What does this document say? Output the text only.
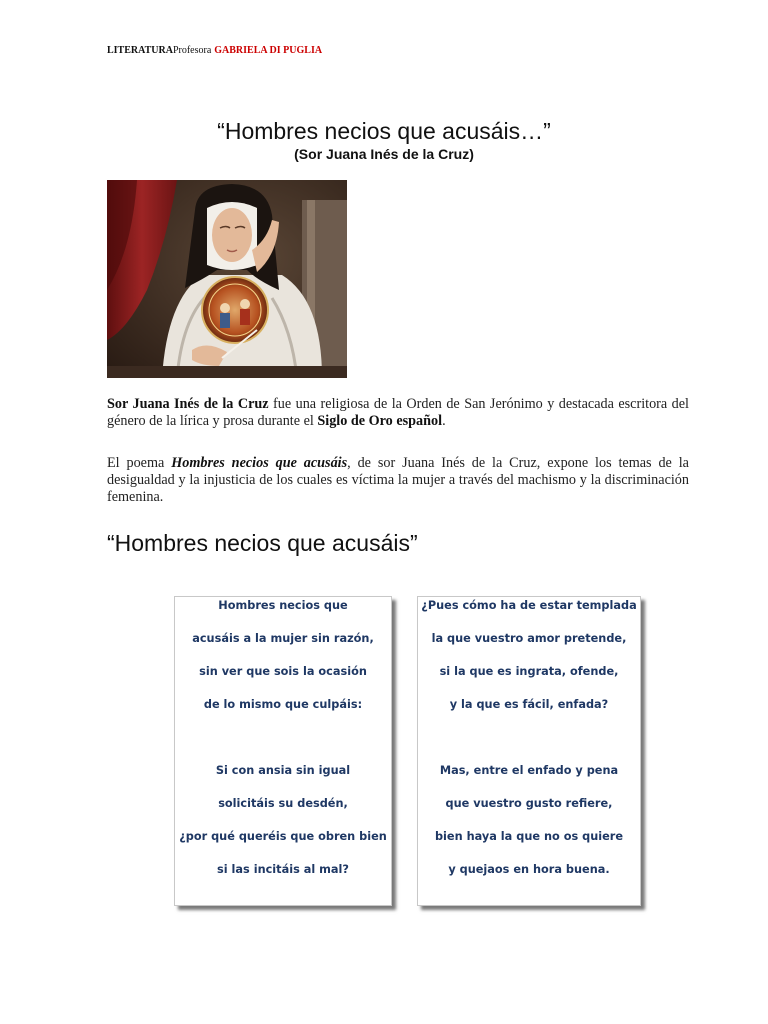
LITERATURAProfesora GABRIELA DI PUGLIA
“Hombres necios que acusáis…”
(Sor Juana Inés de la Cruz)
Sor Juana Inés de la Cruz fue una religiosa de la Orden de San Jerónimo y destacada escritora del género de la lírica y prosa durante el Siglo de Oro español.
El poema Hombres necios que acusáis, de sor Juana Inés de la Cruz, expone los temas de la desigualdad y la injusticia de los cuales es víctima la mujer a través del machismo y la discriminación femenina.
“Hombres necios que acusáis”
Hombres necios que
acusáis a la mujer sin razón,
sin ver que sois la ocasión
de lo mismo que culpáis:
Si con ansia sin igual
solicitáis su desdén,
¿por qué queréis que obren bien
si las incitáis al mal?
¿Pues cómo ha de estar templada
la que vuestro amor pretende,
si la que es ingrata, ofende,
y la que es fácil, enfada?
Mas, entre el enfado y pena
que vuestro gusto refiere,
bien haya la que no os quiere
y quejaos en hora buena.
